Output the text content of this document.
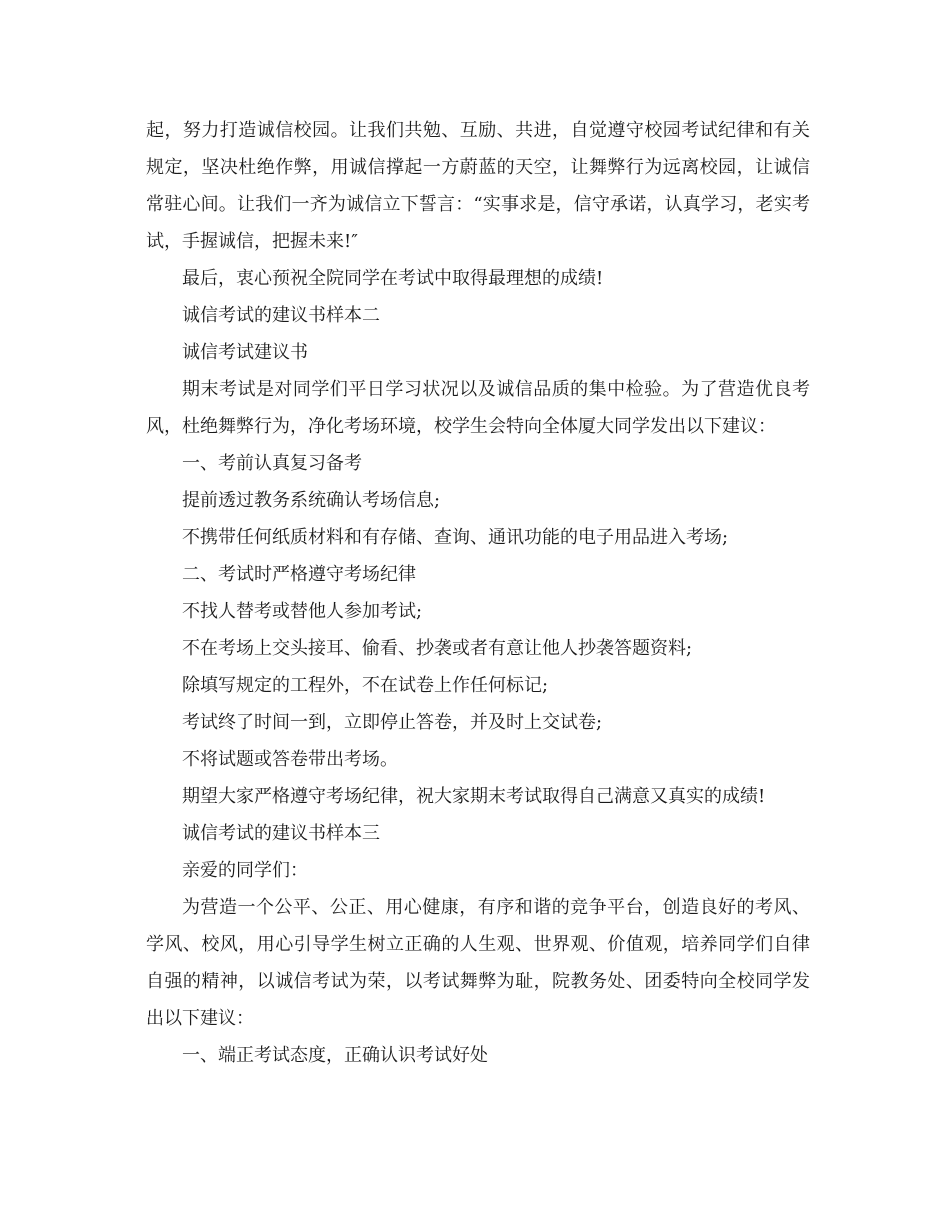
起，努力打造诚信校园。让我们共勉、互励、共进，自觉遵守校园考试纪律和有关规定，坚决杜绝作弊，用诚信撑起一方蔚蓝的天空，让舞弊行为远离校园，让诚信常驻心间。让我们一齐为诚信立下誓言：“实事求是，信守承诺，认真学习，老实考试，手握诚信，把握未来!″

最后，衷心预祝全院同学在考试中取得最理想的成绩!

诚信考试的建议书样本二

诚信考试建议书

期末考试是对同学们平日学习状况以及诚信品质的集中检验。为了营造优良考风，杜绝舞弊行为，净化考场环境，校学生会特向全体厦大同学发出以下建议：

一、考前认真复习备考

提前透过教务系统确认考场信息;

不携带任何纸质材料和有存储、查询、通讯功能的电子用品进入考场;

二、考试时严格遵守考场纪律

不找人替考或替他人参加考试;

不在考场上交头接耳、偷看、抄袭或者有意让他人抄袭答题资料;

除填写规定的工程外，不在试卷上作任何标记;

考试终了时间一到，立即停止答卷，并及时上交试卷;

不将试题或答卷带出考场。

期望大家严格遵守考场纪律，祝大家期末考试取得自己满意又真实的成绩!

诚信考试的建议书样本三

亲爱的同学们：

为营造一个公平、公正、用心健康，有序和谐的竞争平台，创造良好的考风、学风、校风，用心引导学生树立正确的人生观、世界观、价值观，培养同学们自律自强的精神，以诚信考试为荣，以考试舞弊为耻，院教务处、团委特向全校同学发出以下建议：

一、端正考试态度，正确认识考试好处
